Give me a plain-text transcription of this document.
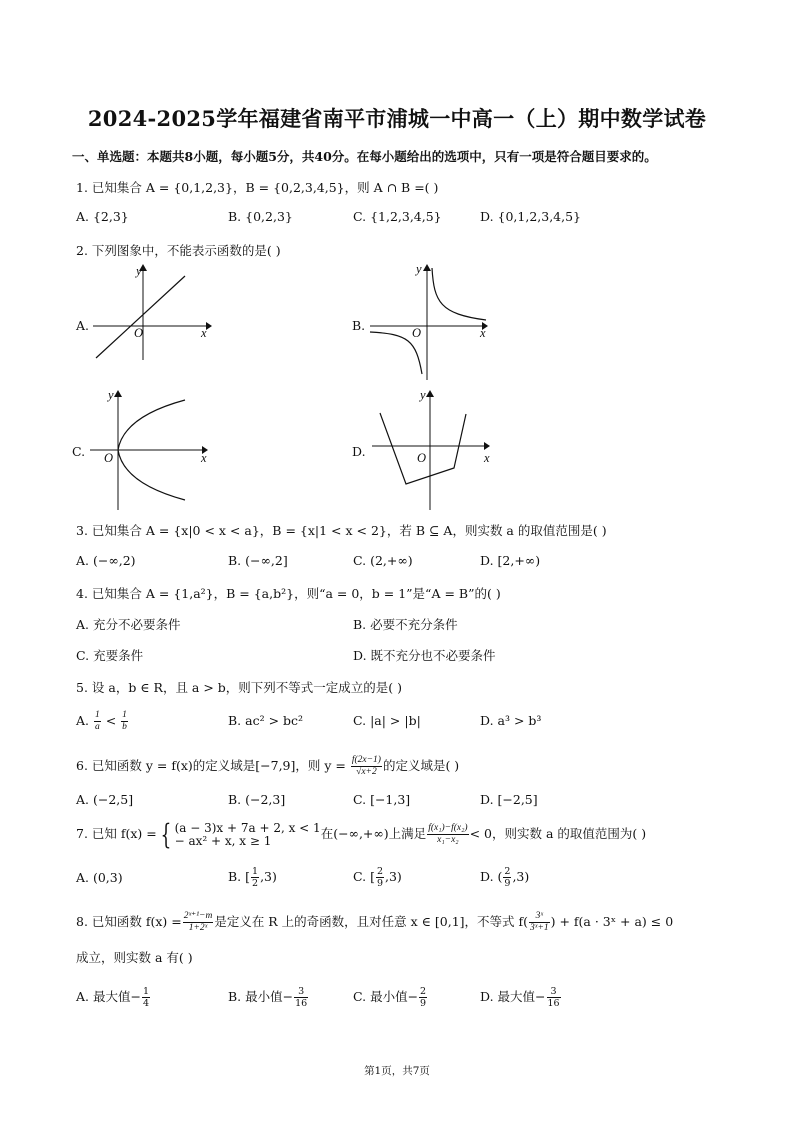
2024-2025学年福建省南平市浦城一中高一（上）期中数学试卷
一、单选题：本题共8小题，每小题5分，共40分。在每小题给出的选项中，只有一项是符合题目要求的。
1. 已知集合 A = {0,1,2,3}，B = {0,2,3,4,5}，则 A ∩ B =( )
A. {2,3}	B. {0,2,3}	C. {1,2,3,4,5}	D. {0,1,2,3,4,5}
2. 下列图象中，不能表示函数的是( )
A.
y
x
O	B.
y
x
O
C.
y
x
O	D.
y
x
O
3. 已知集合 A = {x|0 < x < a}，B = {x|1 < x < 2}，若 B ⊆ A，则实数 a 的取值范围是( )
A. (−∞,2)	B. (−∞,2]	C. (2,+∞)	D. [2,+∞)
4. 已知集合 A = {1,a²}，B = {a,b²}，则“a = 0，b = 1”是“A = B”的( )
A. 充分不必要条件	B. 必要不充分条件
C. 充要条件	D. 既不充分也不必要条件
5. 设 a，b ∈ R，且 a > b，则下列不等式一定成立的是( )
A. $\frac{1}{a} < \frac{1}{b}$	B. ac² > bc²	C. |a| > |b|	D. a³ > b³
6. 已知函数 y = f(x)的定义域是[−7,9]，则 $y = \frac{f(2x-1)}{√x+2}$ 的定义域是( )
A. (−2,5]	B. (−2,3]	C. [−1,3]	D. [−2,5]
7. 已知 f(x) = { (a − 3)x + 7a + 2, x < 1
− ax² + x, x ≥ 1	在(−∞,+∞)上满足 $\frac{\text{f(x₁)−f(x₂)}}{\text{x₁−x₂}} < 0$，则实数 a 的取值范围为( )
A. (0,3)	B. [ $\frac{1}{2} ,3$)	C. [ $\frac{2}{9} ,3$)	D. ( $\frac{2}{9} ,3$)
8. 已知函数 $f(x) = \frac{\text{2ˣ⁺¹−m}}{\text{1+2ˣ}}$ 是定义在 R 上的奇函数，且对任意 x ∈ [0,1]，不等式 $f( \frac{\text{3ˣ}}{\text{3ˣ+1}}$ ) + f(a · 3ˣ + a) ≤ 0
成立，则实数 a 有( )
A. 最大值− $\frac{1}{4}$	B. 最小值− $\frac{3}{16}$	C. 最小值− $\frac{2}{9}$	D. 最大值− $\frac{3}{16}$
第1页，共7页
